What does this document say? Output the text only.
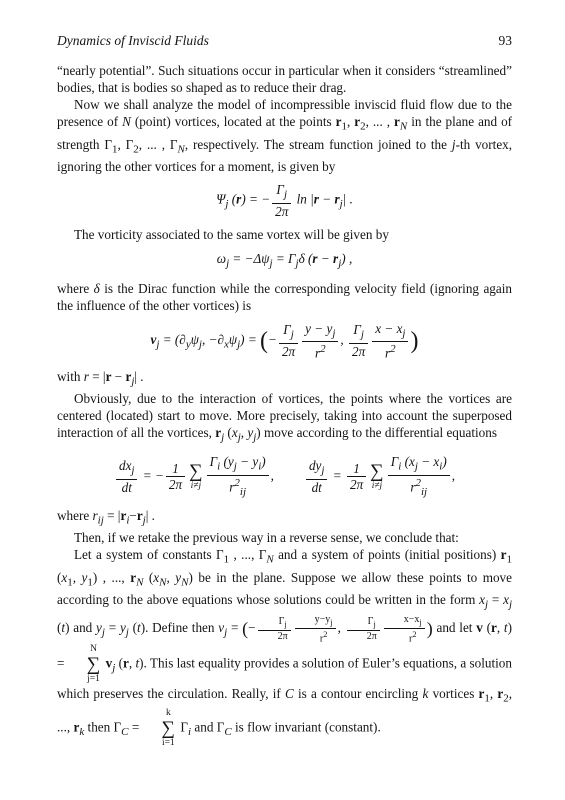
Dynamics of Inviscid Fluids	93

“nearly potential”. Such situations occur in particular when it considers “streamlined” bodies, that is bodies so shaped as to reduce their drag.

Now we shall analyze the model of incompressible inviscid fluid flow due to the presence of N (point) vortices, located at the points $r_1$, $r_2$, ... , $r_N$ in the plane and of strength $\Gamma_1$, $\Gamma_2$, ... , $\Gamma_N$, respectively. The stream function joined to the j-th vortex, ignoring the other vortices for a moment, is given by

$\Psi_j$ (r) = − $\frac{\Gamma_j}{2\pi}$ $\ln |r - r_j|$ .

The vorticity associated to the same vortex will be given by

$\omega_j = -\Delta\psi_j = \Gamma_j\delta$ $(r - r_j)$ ,

where δ is the Dirac function while the corresponding velocity field (ignoring again the influence of the other vortices) is

$v_j = (\partial_y\psi_j$, $-\partial_x\psi_j$) = (− $\frac{\Gamma_j}{2\pi} \frac{y - y_j}{r^2}$ , $\frac{\Gamma_j}{2\pi} \frac{x - x_j}{r^2}$ )

with $r = |r - r_j|$ .

Obviously, due to the interaction of vortices, the points where the vortices are centered (located) start to move. More precisely, taking into account the superposed interaction of all the vortices, $r_j$ ($x_j$, $y_j$) move according to the differential equations

$\frac{dx_j}{dt}$ = − $\frac{1}{2\pi}$ ∑
$i\ne j \frac{\Gamma_i (y_j - y_i)}{r^2_{ij}}$ , $\frac{dy_j}{dt} = \frac{1}{2\pi}$ ∑
$i\ne j \frac{\Gamma_i (x_j - x_i)}{r^2_{ij}}$ ,

where $r_{ij} = |r_i-r_j|$ .

Then, if we retake the previous way in a reverse sense, we conclude that:

Let a system of constants $\Gamma_1$ , ..., $\Gamma_N$ and a system of points (initial positions) $r_1$ ($x_1$, $y_1$) , ..., $r_N$ ($x_N$, $y_N$) be in the plane. Suppose we allow these points to move according to the above equations whose solutions could be written in the form $x_j = x_j$ (t) and $y_j = y_j$ (t). Define then $v_j$ = (− $\frac{\Gamma_j}{2\pi} \frac{y-y_j}{r^2}$ , $\frac{\Gamma_j}{2\pi} \frac{x-x_j}{r^2}$ ) and let v (r, t) =
N
∑
j=1
$v_j$ (r, t). This last equality provides a solution of Euler’s equations, a solution which preserves the circulation. Really, if C is a contour encircling k vortices $r_1$, $r_2$, ..., $r_k$ then $\Gamma_C$ =
k
∑
i=1
$\Gamma_i$ and $\Gamma_C$ is flow invariant (constant).
